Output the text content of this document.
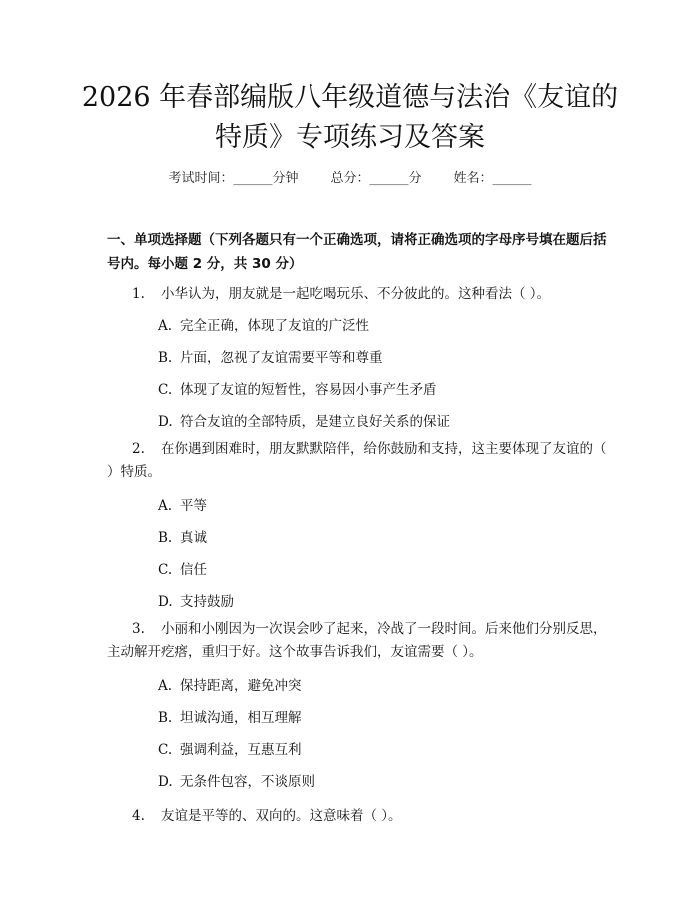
2026 年春部编版八年级道德与法治《友谊的
特质》专项练习及答案
考试时间：______分钟 总分：______分 姓名：______
一、单项选择题（下列各题只有一个正确选项，请将正确选项的字母序号填在题后括号内。每小题 2 分，共 30 分）
1. 小华认为，朋友就是一起吃喝玩乐、不分彼此的。这种看法（ ）。
A. 完全正确，体现了友谊的广泛性
B. 片面，忽视了友谊需要平等和尊重
C. 体现了友谊的短暂性，容易因小事产生矛盾
D. 符合友谊的全部特质，是建立良好关系的保证
2. 在你遇到困难时，朋友默默陪伴，给你鼓励和支持，这主要体现了友谊的（ ）特质。
A. 平等
B. 真诚
C. 信任
D. 支持鼓励
3. 小丽和小刚因为一次误会吵了起来，冷战了一段时间。后来他们分别反思，主动解开疙瘩，重归于好。这个故事告诉我们，友谊需要（ ）。
A. 保持距离，避免冲突
B. 坦诚沟通，相互理解
C. 强调利益，互惠互利
D. 无条件包容，不谈原则
4. 友谊是平等的、双向的。这意味着（ ）。
